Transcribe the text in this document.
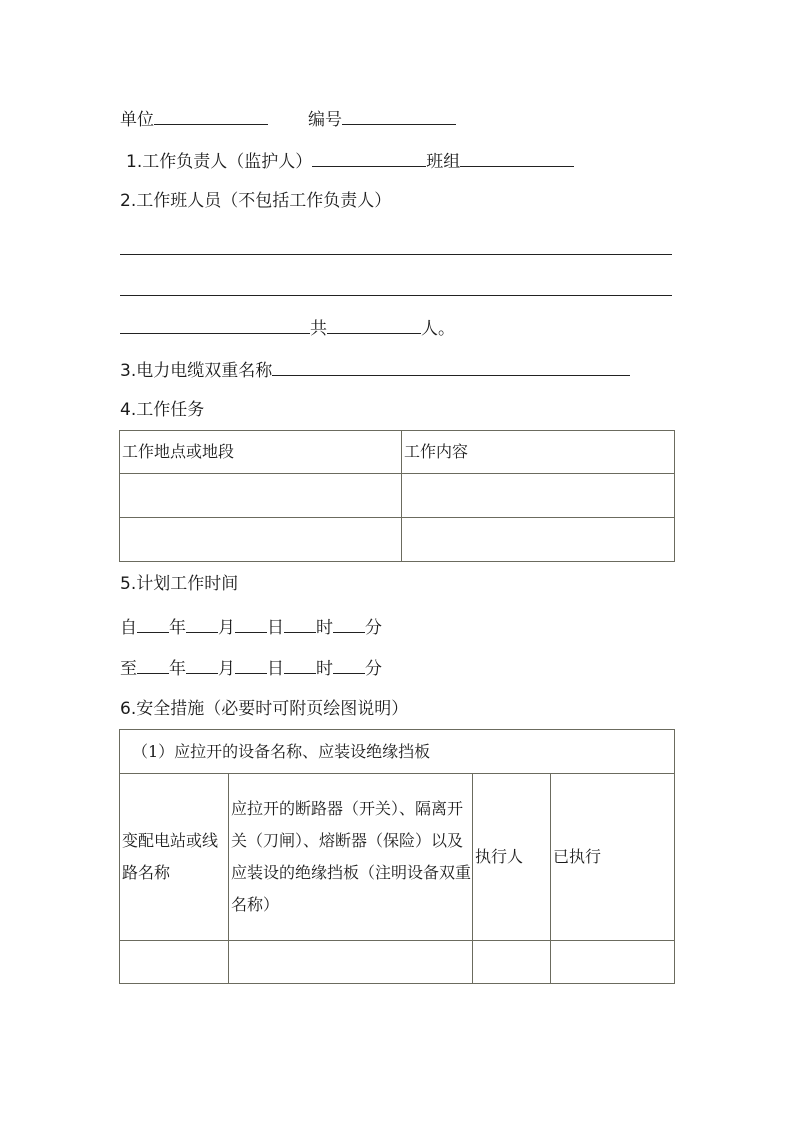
单位	编号
1.工作负责人（监护人）	班组
2.工作班人员（不包括工作负责人）
共	人。
3.电力电缆双重名称
4.工作任务
工作地点或地段	工作内容

5.计划工作时间
自 年 月 日 时 分
至 年 月 日 时 分
6.安全措施（必要时可附页绘图说明）
（1）应拉开的设备名称、应装设绝缘挡板			
变配电站或线路名称	应拉开的断路器（开关）、隔离开关（刀闸）、熔断器（保险）以及应装设的绝缘挡板（注明设备双重名称）	执行人	已执行
